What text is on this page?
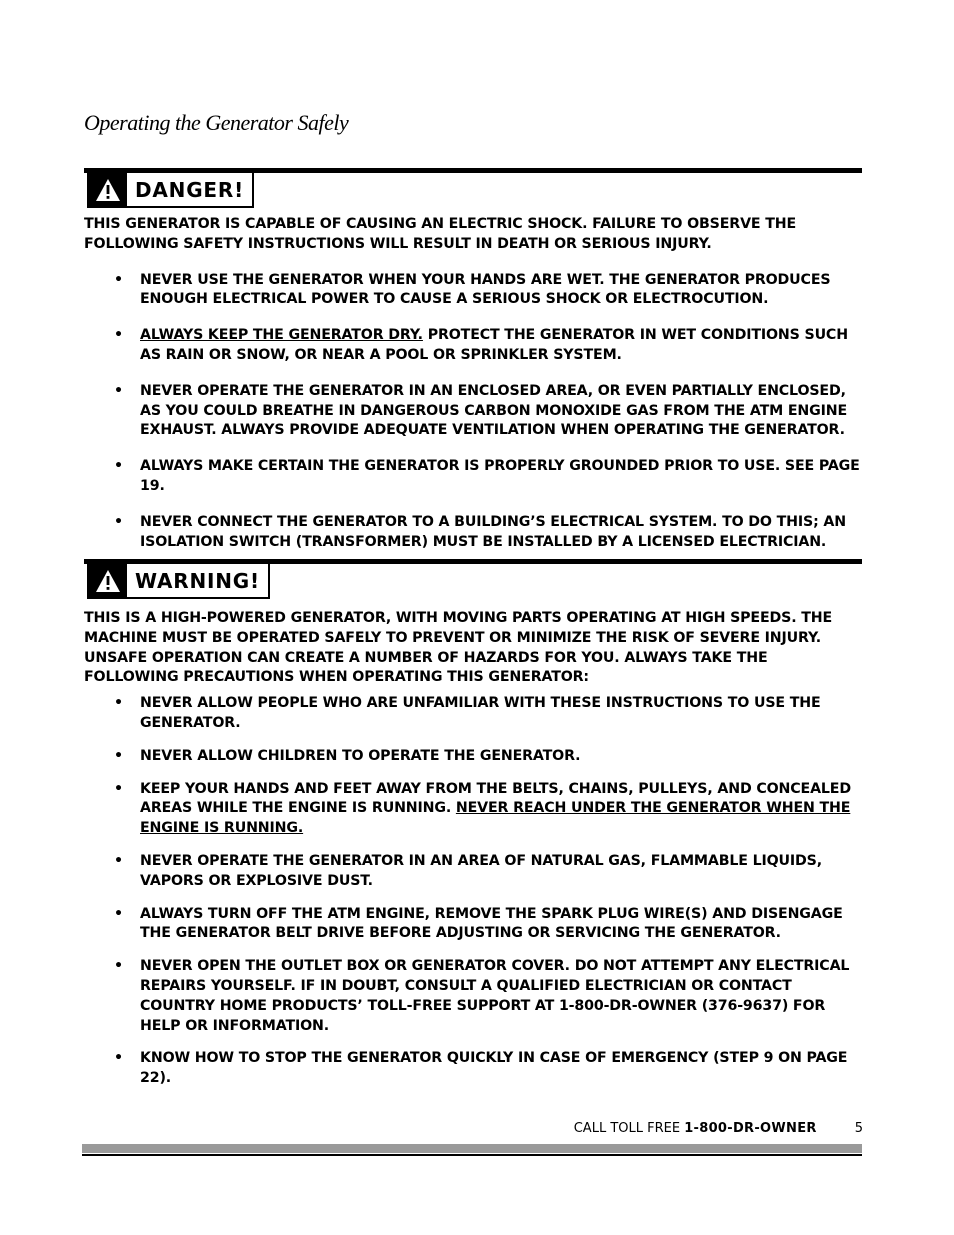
Operating the Generator Safely
DANGER!

THIS GENERATOR IS CAPABLE OF CAUSING AN ELECTRIC SHOCK. FAILURE TO OBSERVE THE FOLLOWING SAFETY INSTRUCTIONS WILL RESULT IN DEATH OR SERIOUS INJURY.

• NEVER USE THE GENERATOR WHEN YOUR HANDS ARE WET. THE GENERATOR PRODUCES ENOUGH ELECTRICAL POWER TO CAUSE A SERIOUS SHOCK OR ELECTROCUTION.
• ALWAYS KEEP THE GENERATOR DRY. PROTECT THE GENERATOR IN WET CONDITIONS SUCH AS RAIN OR SNOW, OR NEAR A POOL OR SPRINKLER SYSTEM.
• NEVER OPERATE THE GENERATOR IN AN ENCLOSED AREA, OR EVEN PARTIALLY ENCLOSED, AS YOU COULD BREATHE IN DANGEROUS CARBON MONOXIDE GAS FROM THE ATM ENGINE EXHAUST. ALWAYS PROVIDE ADEQUATE VENTILATION WHEN OPERATING THE GENERATOR.
• ALWAYS MAKE CERTAIN THE GENERATOR IS PROPERLY GROUNDED PRIOR TO USE. SEE PAGE 19.
• NEVER CONNECT THE GENERATOR TO A BUILDING’S ELECTRICAL SYSTEM. TO DO THIS; AN ISOLATION SWITCH (TRANSFORMER) MUST BE INSTALLED BY A LICENSED ELECTRICIAN.
WARNING!

THIS IS A HIGH-POWERED GENERATOR, WITH MOVING PARTS OPERATING AT HIGH SPEEDS. THE MACHINE MUST BE OPERATED SAFELY TO PREVENT OR MINIMIZE THE RISK OF SEVERE INJURY. UNSAFE OPERATION CAN CREATE A NUMBER OF HAZARDS FOR YOU. ALWAYS TAKE THE FOLLOWING PRECAUTIONS WHEN OPERATING THIS GENERATOR:

• NEVER ALLOW PEOPLE WHO ARE UNFAMILIAR WITH THESE INSTRUCTIONS TO USE THE GENERATOR.
• NEVER ALLOW CHILDREN TO OPERATE THE GENERATOR.
• KEEP YOUR HANDS AND FEET AWAY FROM THE BELTS, CHAINS, PULLEYS, AND CONCEALED AREAS WHILE THE ENGINE IS RUNNING. NEVER REACH UNDER THE GENERATOR WHEN THE ENGINE IS RUNNING.
• NEVER OPERATE THE GENERATOR IN AN AREA OF NATURAL GAS, FLAMMABLE LIQUIDS, VAPORS OR EXPLOSIVE DUST.
• ALWAYS TURN OFF THE ATM ENGINE, REMOVE THE SPARK PLUG WIRE(S) AND DISENGAGE THE GENERATOR BELT DRIVE BEFORE ADJUSTING OR SERVICING THE GENERATOR.
• NEVER OPEN THE OUTLET BOX OR GENERATOR COVER. DO NOT ATTEMPT ANY ELECTRICAL REPAIRS YOURSELF. IF IN DOUBT, CONSULT A QUALIFIED ELECTRICIAN OR CONTACT COUNTRY HOME PRODUCTS’ TOLL-FREE SUPPORT AT 1-800-DR-OWNER (376-9637) FOR HELP OR INFORMATION.
• KNOW HOW TO STOP THE GENERATOR QUICKLY IN CASE OF EMERGENCY (STEP 9 ON PAGE 22).
CALL TOLL FREE 1-800-DR-OWNER	5
